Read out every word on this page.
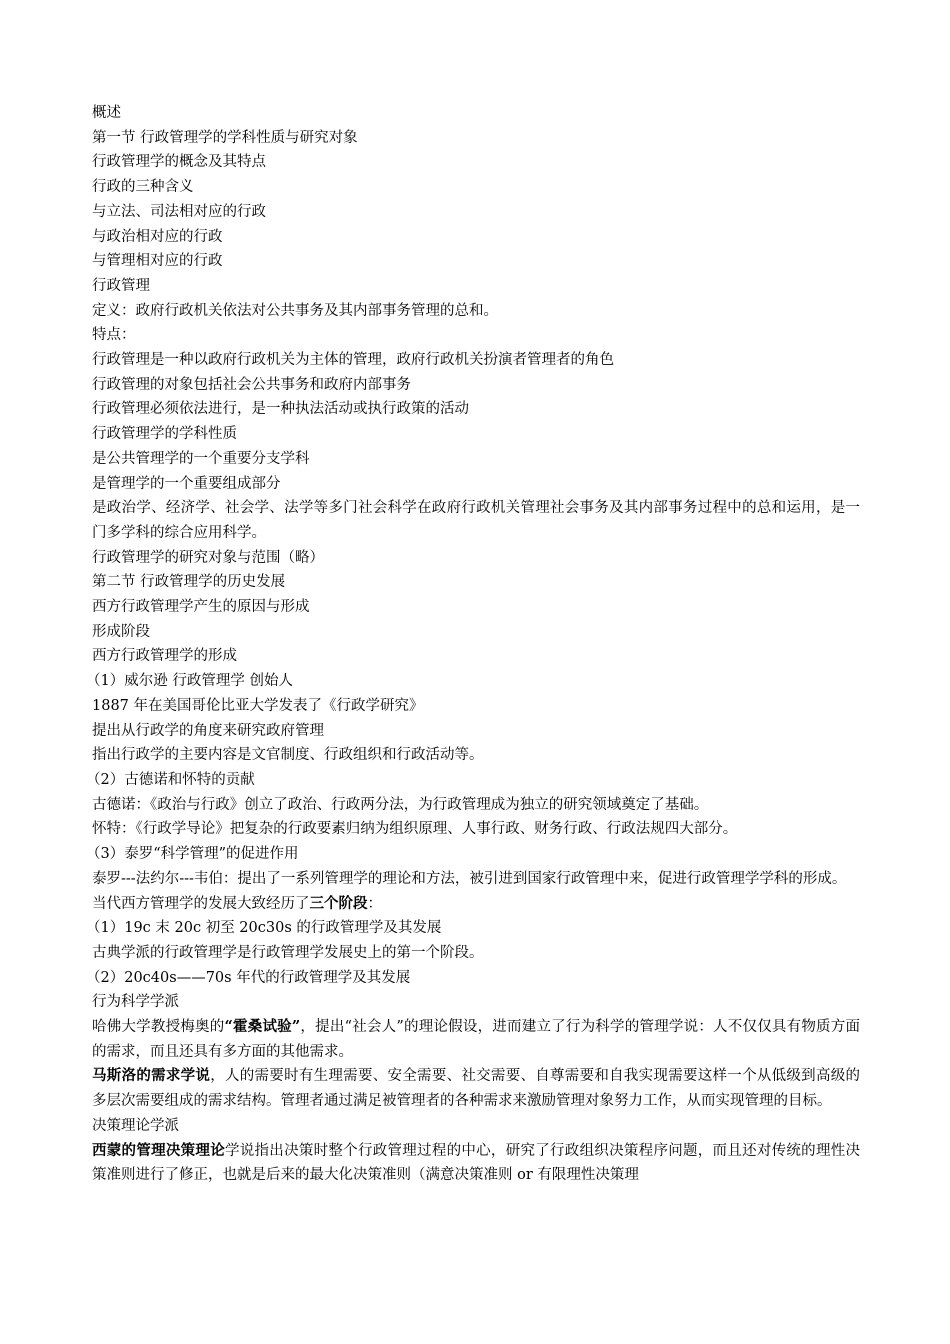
概述

第一节 行政管理学的学科性质与研究对象

行政管理学的概念及其特点

行政的三种含义

与立法、司法相对应的行政

与政治相对应的行政

与管理相对应的行政

行政管理

定义：政府行政机关依法对公共事务及其内部事务管理的总和。

特点：

行政管理是一种以政府行政机关为主体的管理，政府行政机关扮演者管理者的角色

行政管理的对象包括社会公共事务和政府内部事务

行政管理必须依法进行，是一种执法活动或执行政策的活动

行政管理学的学科性质

是公共管理学的一个重要分支学科

是管理学的一个重要组成部分

是政治学、经济学、社会学、法学等多门社会科学在政府行政机关管理社会事务及其内部事务过程中的总和运用，是一门多学科的综合应用科学。

行政管理学的研究对象与范围（略）

第二节 行政管理学的历史发展

西方行政管理学产生的原因与形成

形成阶段

西方行政管理学的形成

（1）威尔逊 行政管理学 创始人

1887 年在美国哥伦比亚大学发表了《行政学研究》

提出从行政学的角度来研究政府管理

指出行政学的主要内容是文官制度、行政组织和行政活动等。

（2）古德诺和怀特的贡献

古德诺：《政治与行政》创立了政治、行政两分法，为行政管理成为独立的研究领域奠定了基础。

怀特：《行政学导论》把复杂的行政要素归纳为组织原理、人事行政、财务行政、行政法规四大部分。

（3）泰罗“科学管理”的促进作用

泰罗---法约尔---韦伯：提出了一系列管理学的理论和方法，被引进到国家行政管理中来，促进行政管理学学科的形成。

当代西方管理学的发展大致经历了三个阶段：

（1）19c 末 20c 初至 20c30s 的行政管理学及其发展

古典学派的行政管理学是行政管理学发展史上的第一个阶段。

（2）20c40s——70s 年代的行政管理学及其发展

行为科学学派

哈佛大学教授梅奥的“霍桑试验”，提出“社会人”的理论假设，进而建立了行为科学的管理学说：人不仅仅具有物质方面的需求，而且还具有多方面的其他需求。

马斯洛的需求学说，人的需要时有生理需要、安全需要、社交需要、自尊需要和自我实现需要这样一个从低级到高级的多层次需要组成的需求结构。管理者通过满足被管理者的各种需求来激励管理对象努力工作，从而实现管理的目标。

决策理论学派

西蒙的管理决策理论学说指出决策时整个行政管理过程的中心，研究了行政组织决策程序问题，而且还对传统的理性决策准则进行了修正，也就是后来的最大化决策准则（满意决策准则 or 有限理性决策理
